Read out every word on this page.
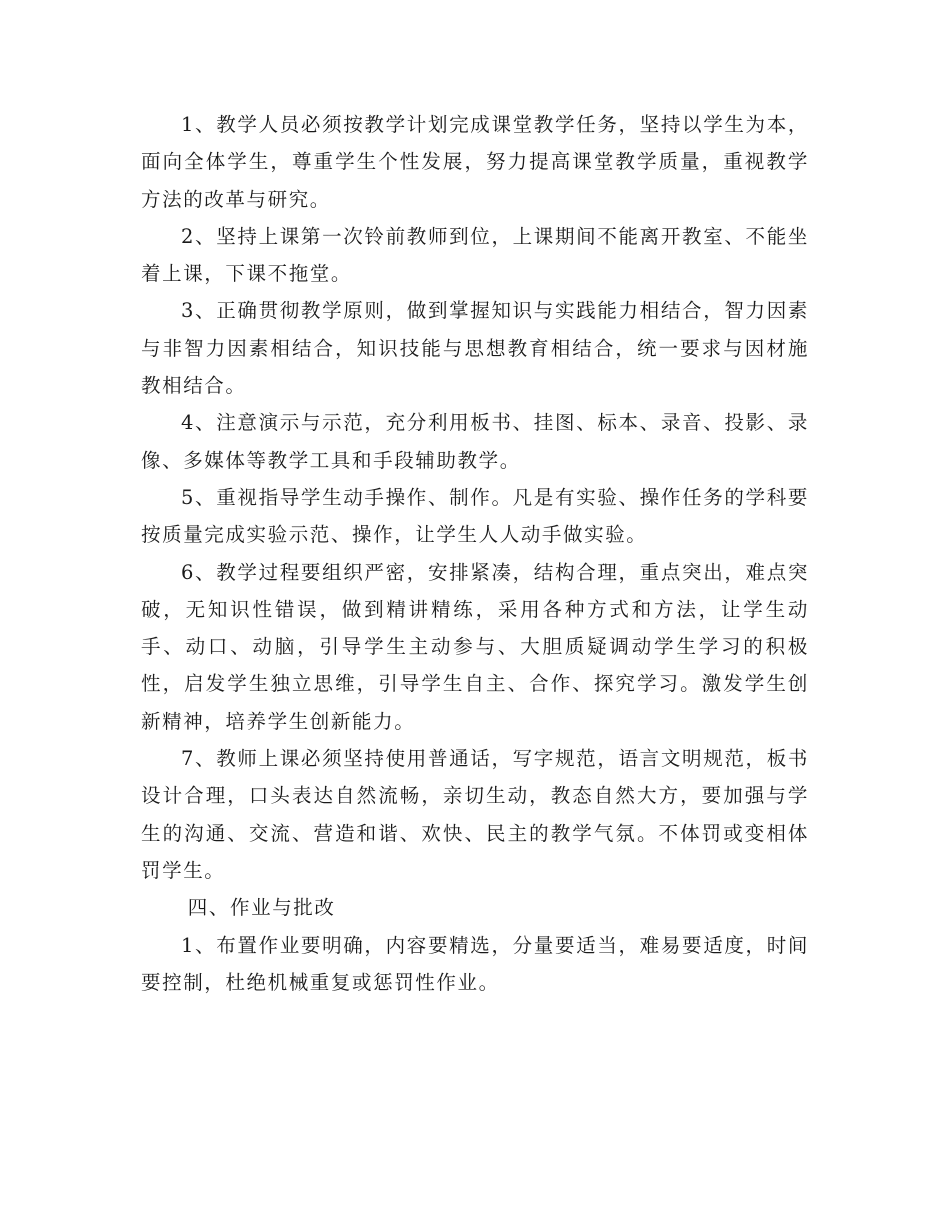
1、教学人员必须按教学计划完成课堂教学任务，坚持以学生为本，面向全体学生，尊重学生个性发展，努力提高课堂教学质量，重视教学方法的改革与研究。

2、坚持上课第一次铃前教师到位，上课期间不能离开教室、不能坐着上课，下课不拖堂。

3、正确贯彻教学原则，做到掌握知识与实践能力相结合，智力因素与非智力因素相结合，知识技能与思想教育相结合，统一要求与因材施教相结合。

4、注意演示与示范，充分利用板书、挂图、标本、录音、投影、录像、多媒体等教学工具和手段辅助教学。

5、重视指导学生动手操作、制作。凡是有实验、操作任务的学科要按质量完成实验示范、操作，让学生人人动手做实验。

6、教学过程要组织严密，安排紧凑，结构合理，重点突出，难点突破，无知识性错误，做到精讲精练，采用各种方式和方法，让学生动手、动口、动脑，引导学生主动参与、大胆质疑调动学生学习的积极性，启发学生独立思维，引导学生自主、合作、探究学习。激发学生创新精神，培养学生创新能力。

7、教师上课必须坚持使用普通话，写字规范，语言文明规范，板书设计合理，口头表达自然流畅，亲切生动，教态自然大方，要加强与学生的沟通、交流、营造和谐、欢快、民主的教学气氛。不体罚或变相体罚学生。

四、作业与批改

1、布置作业要明确，内容要精选，分量要适当，难易要适度，时间要控制，杜绝机械重复或惩罚性作业。
